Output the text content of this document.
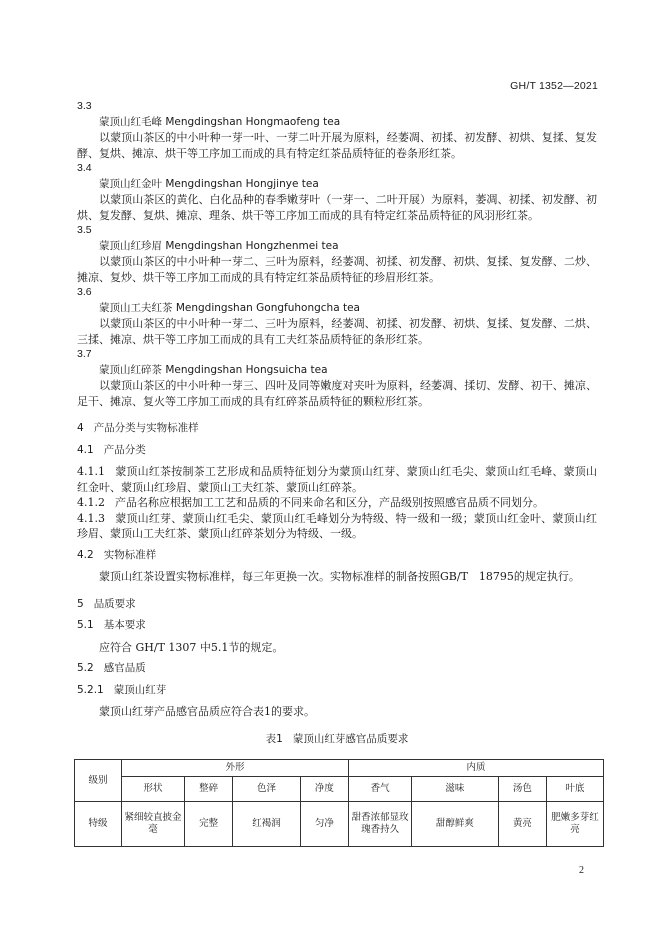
GH/T 1352—2021
3.3
蒙顶山红毛峰 Mengdingshan Hongmaofeng tea
以蒙顶山茶区的中小叶种一芽一叶、一芽二叶开展为原料，经萎凋、初揉、初发酵、初烘、复揉、复发酵、复烘、摊凉、烘干等工序加工而成的具有特定红茶品质特征的卷条形红茶。
3.4
蒙顶山红金叶 Mengdingshan Hongjinye tea
以蒙顶山茶区的黄化、白化品种的春季嫩芽叶（一芽一、二叶开展）为原料，萎凋、初揉、初发酵、初烘、复发酵、复烘、摊凉、理条、烘干等工序加工而成的具有特定红茶品质特征的风羽形红茶。
3.5
蒙顶山红珍眉 Mengdingshan Hongzhenmei tea
以蒙顶山茶区的中小叶种一芽二、三叶为原料，经萎凋、初揉、初发酵、初烘、复揉、复发酵、二炒、摊凉、复炒、烘干等工序加工而成的具有特定红茶品质特征的珍眉形红茶。
3.6
蒙顶山工夫红茶 Mengdingshan Gongfuhongcha tea
以蒙顶山茶区的中小叶种一芽二、三叶为原料，经萎凋、初揉、初发酵、初烘、复揉、复发酵、二烘、三揉、摊凉、烘干等工序加工而成的具有工夫红茶品质特征的条形红茶。
3.7
蒙顶山红碎茶 Mengdingshan Hongsuicha tea
以蒙顶山茶区的中小叶种一芽三、四叶及同等嫩度对夹叶为原料，经萎凋、揉切、发酵、初干、摊凉、足干、摊凉、复火等工序加工而成的具有红碎茶品质特征的颗粒形红茶。
4 产品分类与实物标准样
4.1 产品分类
4.1.1 蒙顶山红茶按制茶工艺形成和品质特征划分为蒙顶山红芽、蒙顶山红毛尖、蒙顶山红毛峰、蒙顶山红金叶、蒙顶山红珍眉、蒙顶山工夫红茶、蒙顶山红碎茶。
4.1.2 产品名称应根据加工工艺和品质的不同来命名和区分，产品级别按照感官品质不同划分。
4.1.3 蒙顶山红芽、蒙顶山红毛尖、蒙顶山红毛峰划分为特级、特一级和一级；蒙顶山红金叶、蒙顶山红珍眉、蒙顶山工夫红茶、蒙顶山红碎茶划分为特级、一级。
4.2 实物标准样
蒙顶山红茶设置实物标准样，每三年更换一次。实物标准样的制备按照GB/T　18795的规定执行。
5 品质要求
5.1 基本要求
应符合 GH/T 1307 中5.1节的规定。
5.2 感官品质
5.2.1 蒙顶山红芽
蒙顶山红芽产品感官品质应符合表1的要求。
表1 蒙顶山红芽感官品质要求
级别	外形				内质			
	形状	整碎	色泽	净度	香气	滋味	汤色	叶底
特级	紧细较直披金毫	完整	红褐润	匀净	甜香浓郁显玫瑰香持久	甜醇鲜爽	黄亮	肥嫩多芽红亮
2
